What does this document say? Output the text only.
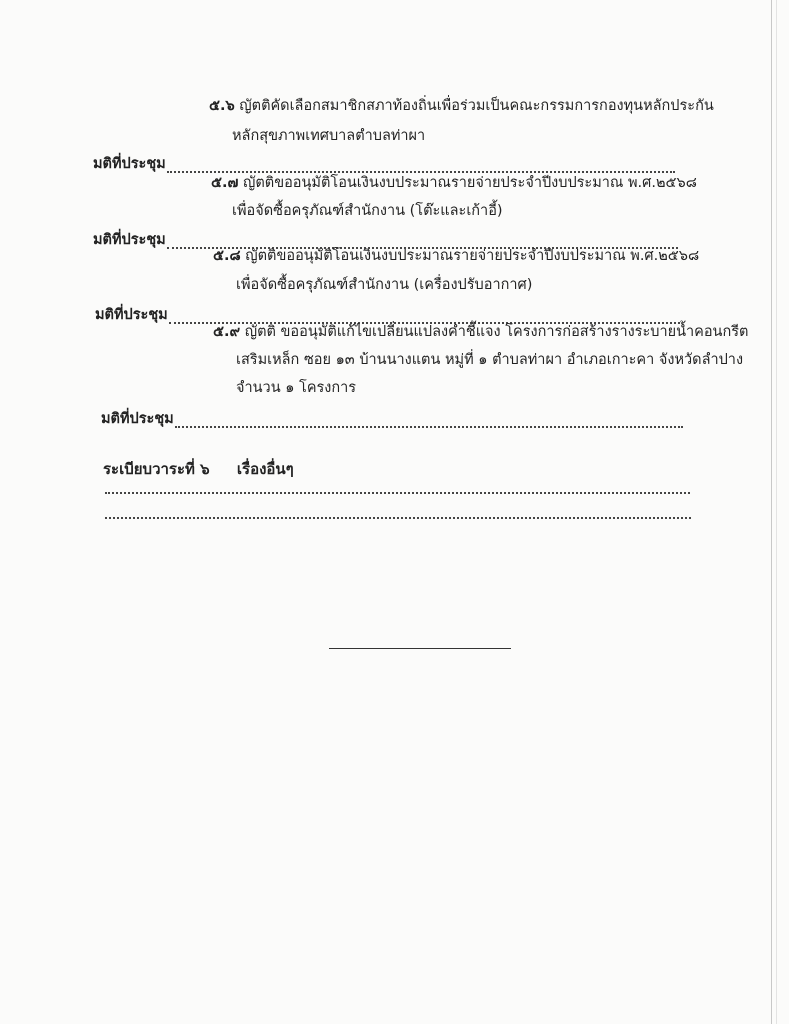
๕.๖ ญัตติคัดเลือกสมาชิกสภาท้องถิ่นเพื่อร่วมเป็นคณะกรรมการกองทุนหลักประกัน
หลักสุขภาพเทศบาลตำบลท่าผา
มติที่ประชุม
๕.๗ ญัตติขออนุมัติโอนเงินงบประมาณรายจ่ายประจำปีงบประมาณ พ.ศ.๒๕๖๘
เพื่อจัดซื้อครุภัณฑ์สำนักงาน (โต๊ะและเก้าอี้)
มติที่ประชุม
๕.๘ ญัตติขออนุมัติโอนเงินงบประมาณรายจ่ายประจำปีงบประมาณ พ.ศ.๒๕๖๘
เพื่อจัดซื้อครุภัณฑ์สำนักงาน (เครื่องปรับอากาศ)
มติที่ประชุม
๕.๙ ญัตติ ขออนุมัติแก้ไขเปลี่ยนแปลงคำชี้แจง โครงการก่อสร้างรางระบายน้ำคอนกรีต
เสริมเหล็ก ซอย ๑๓ บ้านนางแตน หมู่ที่ ๑ ตำบลท่าผา อำเภอเกาะคา จังหวัดลำปาง
จำนวน ๑ โครงการ
มติที่ประชุม
ระเบียบวาระที่ ๖ เรื่องอื่นๆ
